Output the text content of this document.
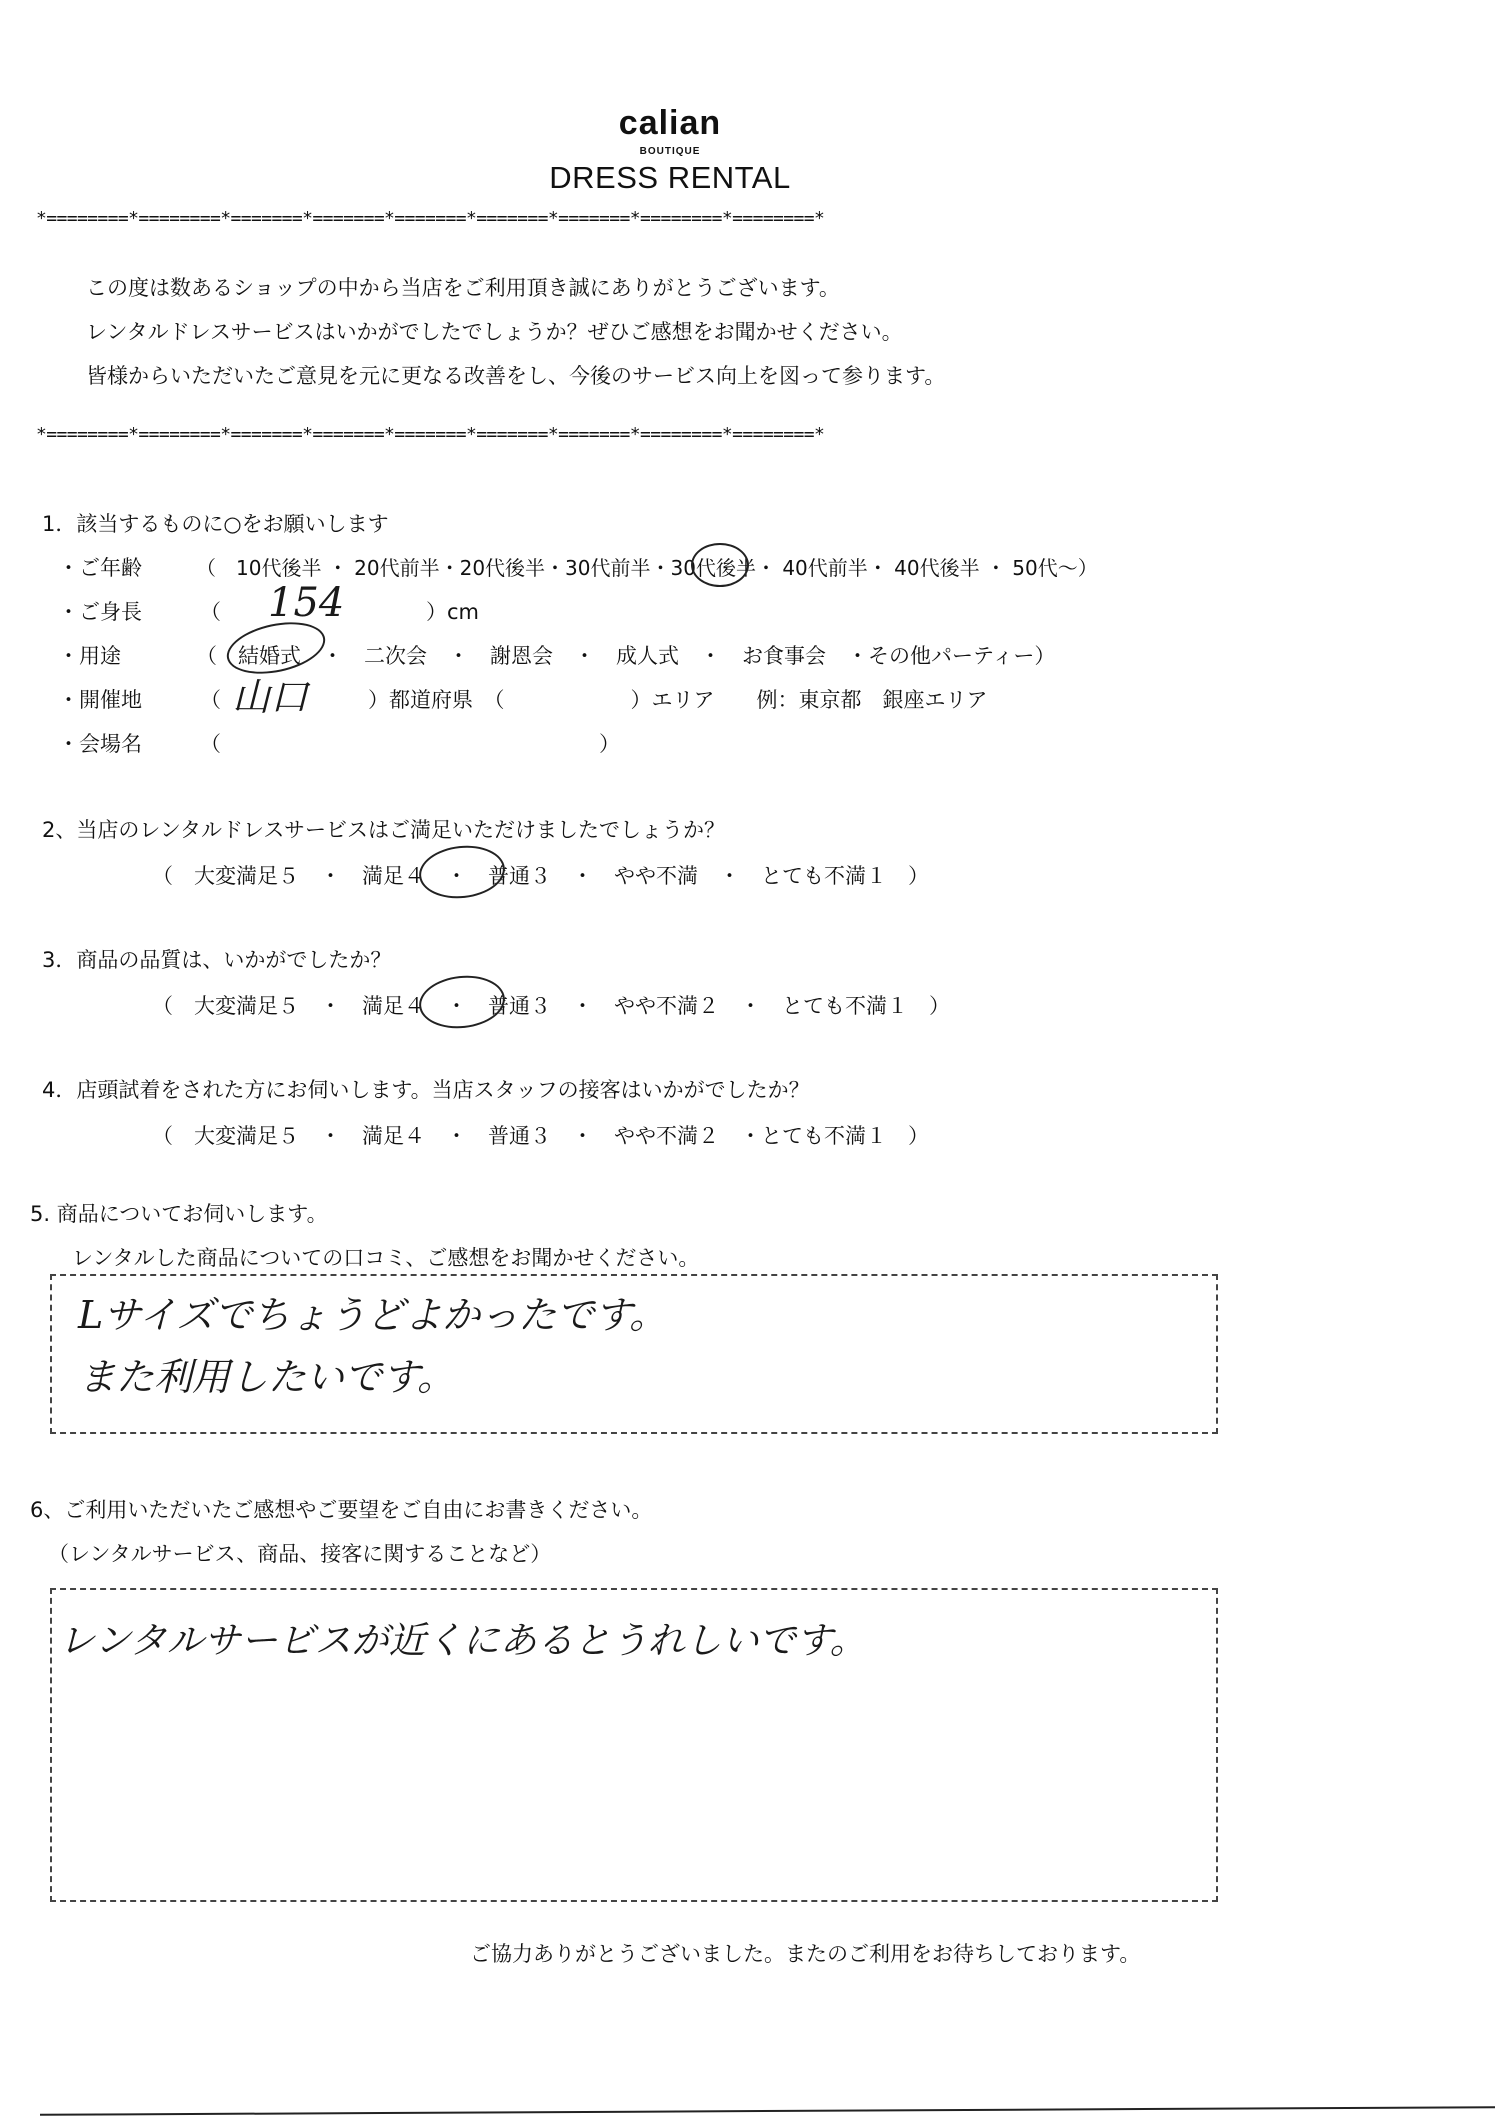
calian
BOUTIQUE
DRESS RENTAL
*========*========*=======*=======*=======*=======*=======*========*========*
この度は数あるショップの中から当店をご利用頂き誠にありがとうございます。
レンタルドレスサービスはいかがでしたでしょうか？ぜひご感想をお聞かせください。
皆様からいただいたご意見を元に更なる改善をし、今後のサービス向上を図って参ります。
*========*========*=======*=======*=======*=======*=======*========*========*
1．該当するものに○をお願いします
・ご年齢	（　10代後半 ・ 20代前半・20代後半・30代前半・30代後半・ 40代前半・ 40代後半 ・ 50代～）
・ご身長	（ 154	）cm
・用途	（　結婚式　・　二次会　・　謝恩会　・　成人式　・　お食事会　・その他パーティー）
・開催地	（ 山口	）都道府県　（　　　　　　）エリア　　例：東京都　銀座エリア
・会場名	（　　　　　　　　　　　　　　　　　　）
2、当店のレンタルドレスサービスはご満足いただけましたでしょうか？
（　大変満足５　・　満足４　・　普通３　・　やや不満　・　とても不満１　）
3．商品の品質は、いかがでしたか？
（　大変満足５　・　満足４　・　普通３　・　やや不満２　・　とても不満１　）
4．店頭試着をされた方にお伺いします。当店スタッフの接客はいかがでしたか？
（　大変満足５　・　満足４　・　普通３　・　やや不満２　・とても不満１　）
5. 商品についてお伺いします。
レンタルした商品についての口コミ、ご感想をお聞かせください。
Lサイズでちょうどよかったです。
また利用したいです。
6、ご利用いただいたご感想やご要望をご自由にお書きください。
（レンタルサービス、商品、接客に関することなど）
レンタルサービスが近くにあるとうれしいです。
ご協力ありがとうございました。またのご利用をお待ちしております。
